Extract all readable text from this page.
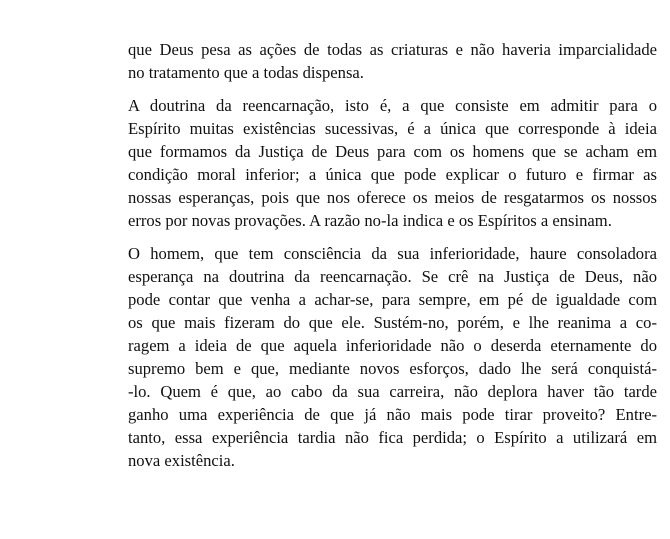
que Deus pesa as ações de todas as criaturas e não haveria imparcialidade
no tratamento que a todas dispensa.

A doutrina da reencarnação, isto é, a que consiste em admitir para o
Espírito muitas existências sucessivas, é a única que corresponde à ideia
que formamos da Justiça de Deus para com os homens que se acham em
condição moral inferior; a única que pode explicar o futuro e firmar as
nossas esperanças, pois que nos oferece os meios de resgatarmos os nossos
erros por novas provações. A razão no-la indica e os Espíritos a ensinam.

O homem, que tem consciência da sua inferioridade, haure consoladora
esperança na doutrina da reencarnação. Se crê na Justiça de Deus, não
pode contar que venha a achar-se, para sempre, em pé de igualdade com
os que mais fizeram do que ele. Sustém-no, porém, e lhe reanima a co-
ragem a ideia de que aquela inferioridade não o deserda eternamente do
supremo bem e que, mediante novos esforços, dado lhe será conquistá-
-lo. Quem é que, ao cabo da sua carreira, não deplora haver tão tarde
ganho uma experiência de que já não mais pode tirar proveito? Entre-
tanto, essa experiência tardia não fica perdida; o Espírito a utilizará em
nova existência.
